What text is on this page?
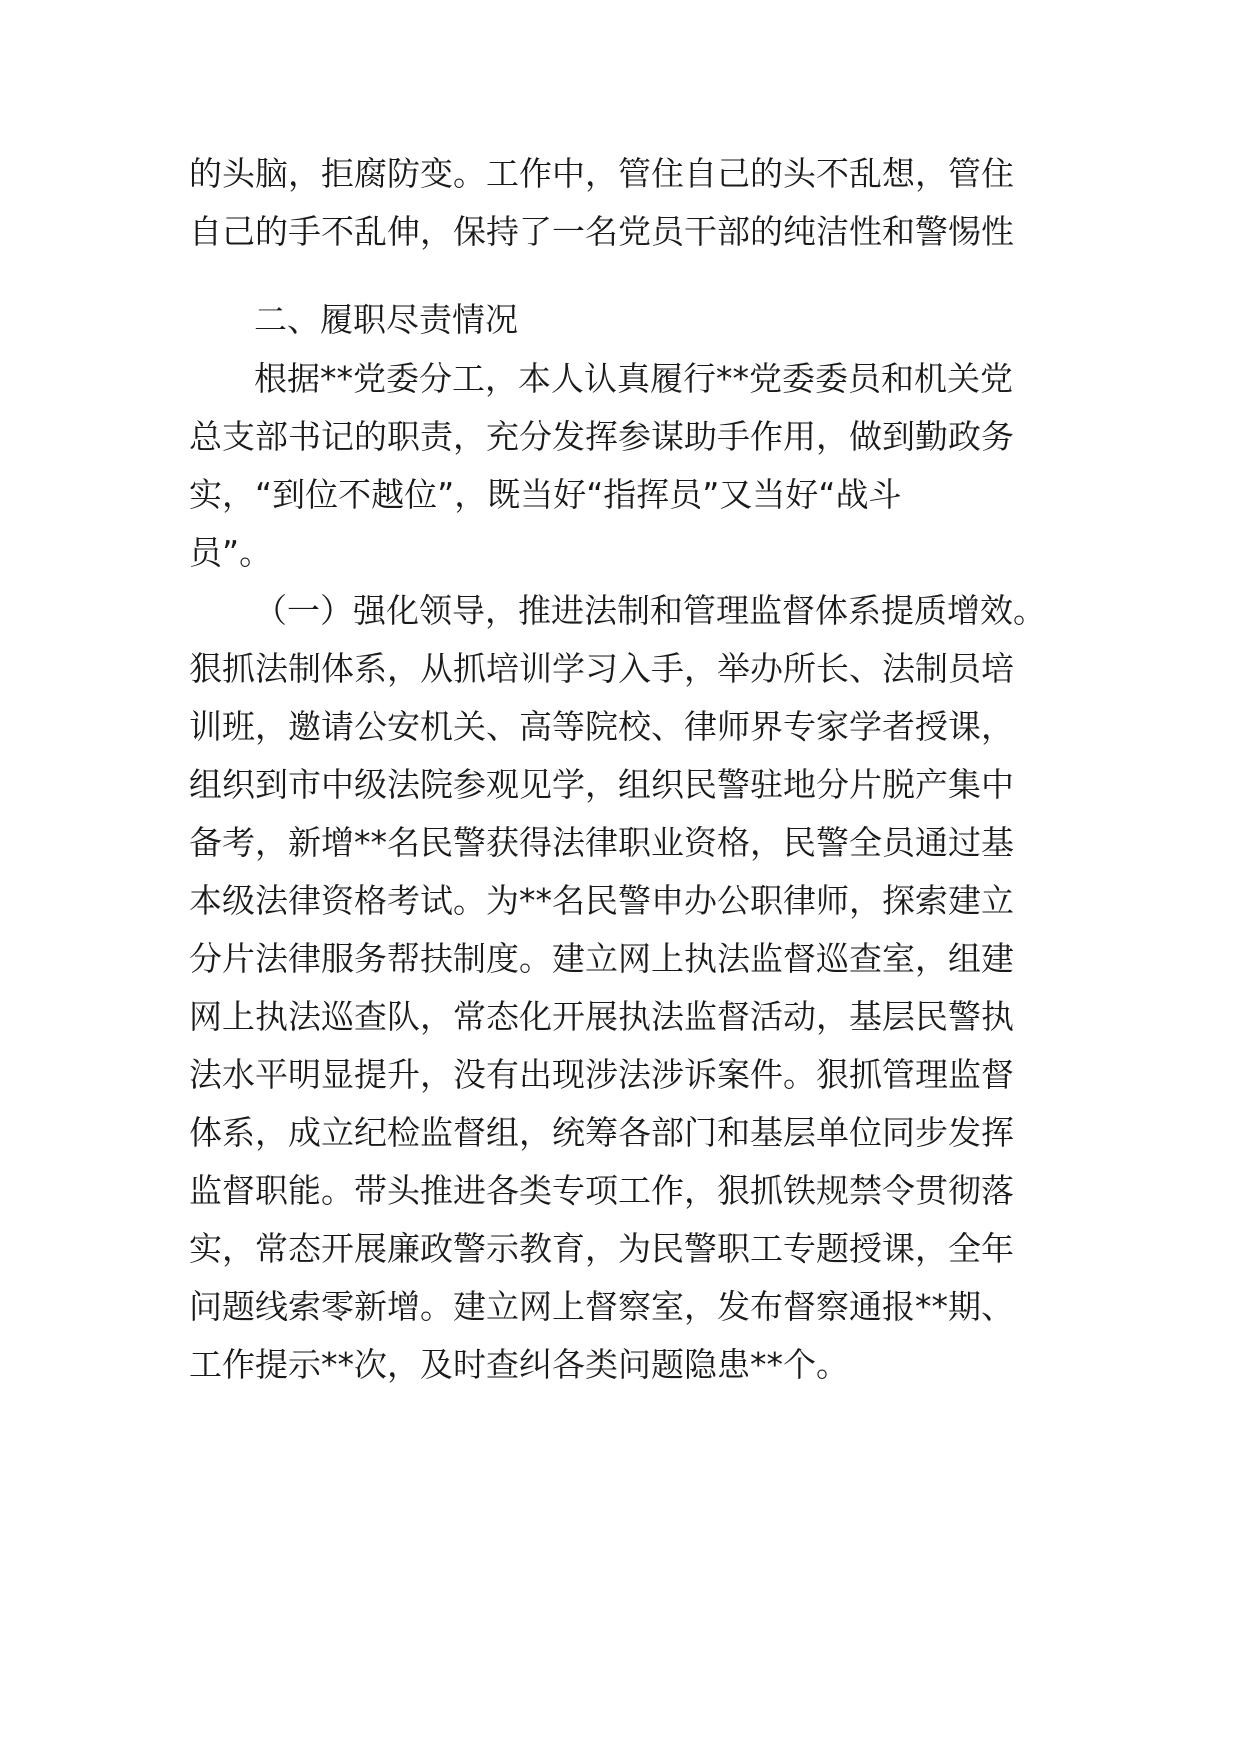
的头脑，拒腐防变。工作中，管住自己的头不乱想，管住

自己的手不乱伸，保持了一名党员干部的纯洁性和警惕性

二、履职尽责情况

根据**党委分工，本人认真履行**党委委员和机关党

总支部书记的职责，充分发挥参谋助手作用，做到勤政务

实，“到位不越位”，既当好“指挥员”又当好“战斗

员”。

（一）强化领导，推进法制和管理监督体系提质增效。

狠抓法制体系，从抓培训学习入手，举办所长、法制员培

训班，邀请公安机关、高等院校、律师界专家学者授课，

组织到市中级法院参观见学，组织民警驻地分片脱产集中

备考，新增**名民警获得法律职业资格，民警全员通过基

本级法律资格考试。为**名民警申办公职律师，探索建立

分片法律服务帮扶制度。建立网上执法监督巡查室，组建

网上执法巡查队，常态化开展执法监督活动，基层民警执

法水平明显提升，没有出现涉法涉诉案件。狠抓管理监督

体系，成立纪检监督组，统筹各部门和基层单位同步发挥

监督职能。带头推进各类专项工作，狠抓铁规禁令贯彻落

实，常态开展廉政警示教育，为民警职工专题授课，全年

问题线索零新增。建立网上督察室，发布督察通报**期、

工作提示**次，及时查纠各类问题隐患**个。
